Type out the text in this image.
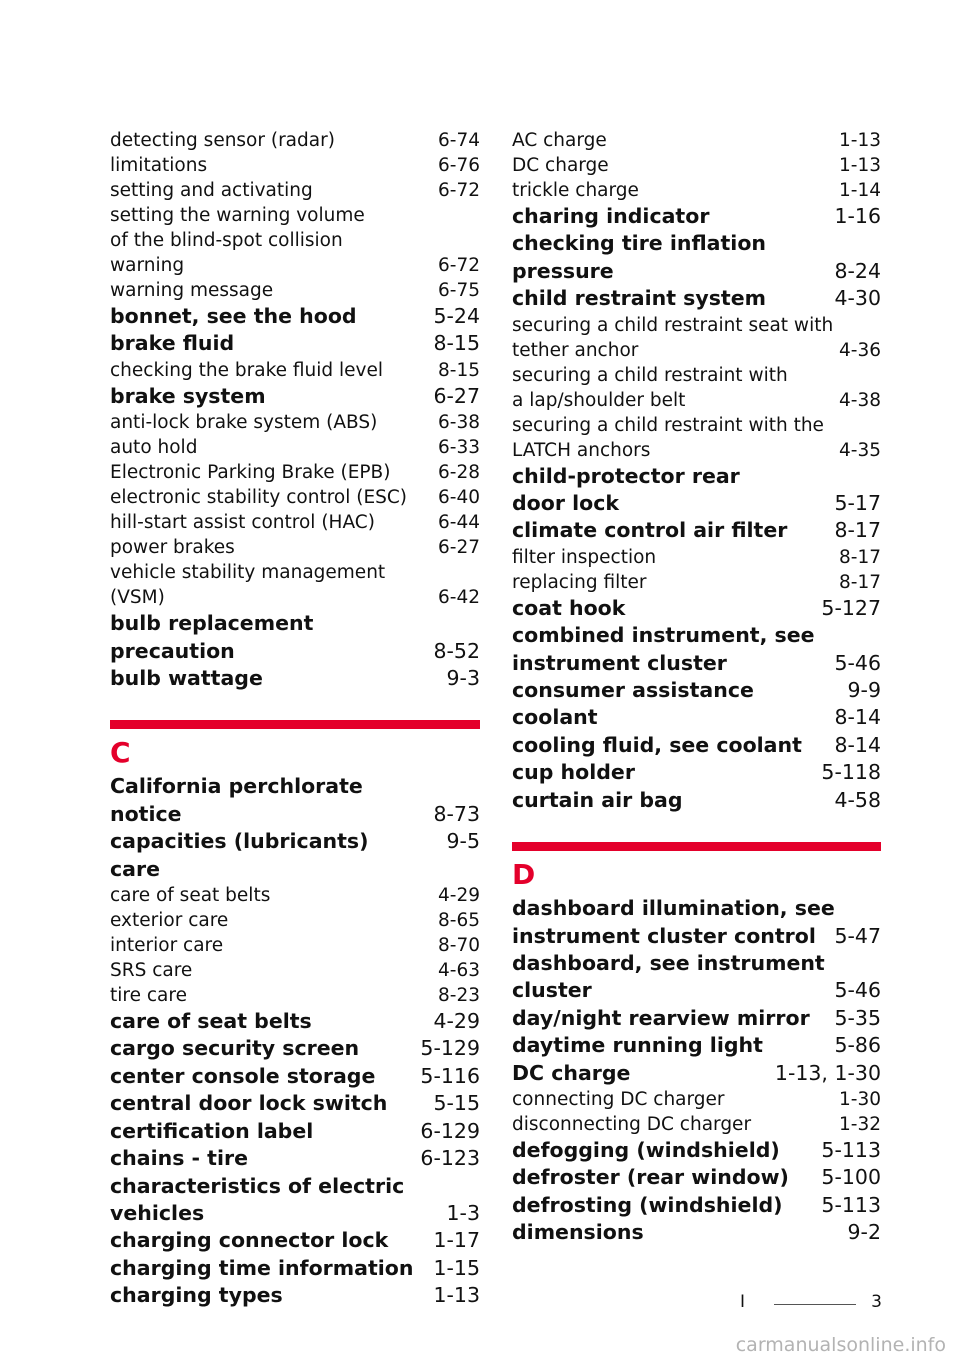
detecting sensor (radar)	6-74
limitations	6-76
setting and activating	6-72
setting the warning volume
of the blind-spot collision
warning	6-72
warning message	6-75
bonnet, see the hood	5-24
brake fluid	8-15
checking the brake fluid level	8-15
brake system	6-27
anti-lock brake system (ABS)	6-38
auto hold	6-33
Electronic Parking Brake (EPB)	6-28
electronic stability control (ESC)	6-40
hill-start assist control (HAC)	6-44
power brakes	6-27
vehicle stability management
(VSM)	6-42
bulb replacement precaution	8-52
bulb wattage	9-3
C
California perchlorate notice	8-73
capacities (lubricants)	9-5
care
care of seat belts	4-29
exterior care	8-65
interior care	8-70
SRS care	4-63
tire care	8-23
care of seat belts	4-29
cargo security screen	5-129
center console storage	5-116
central door lock switch	5-15
certification label	6-129
chains - tire	6-123
characteristics of electric
vehicles	1-3
charging connector lock	1-17
charging time information 1-15
charging types	1-13
AC charge	1-13
DC charge	1-13
trickle charge	1-14
charing indicator	1-16
checking tire inflation
pressure	8-24
child restraint system	4-30
securing a child restraint seat with
tether anchor	4-36
securing a child restraint with
a lap/shoulder belt	4-38
securing a child restraint with the
LATCH anchors	4-35
child-protector rear
door lock	5-17
climate control air filter	8-17
filter inspection	8-17
replacing filter	8-17
coat hook	5-127
combined instrument, see
instrument cluster	5-46
consumer assistance	9-9
coolant	8-14
cooling fluid, see coolant	8-14
cup holder	5-118
curtain air bag	4-58
D
dashboard illumination, see
instrument cluster control 5-47
dashboard, see instrument
cluster	5-46
day/night rearview mirror	5-35
daytime running light	5-86
DC charge	1-13, 1-30
connecting DC charger	1-30
disconnecting DC charger	1-32
defogging (windshield)	5-113
defroster (rear window)	5-100
defrosting (windshield)	5-113
dimensions	9-2
I	3
carmanualsonline.info
